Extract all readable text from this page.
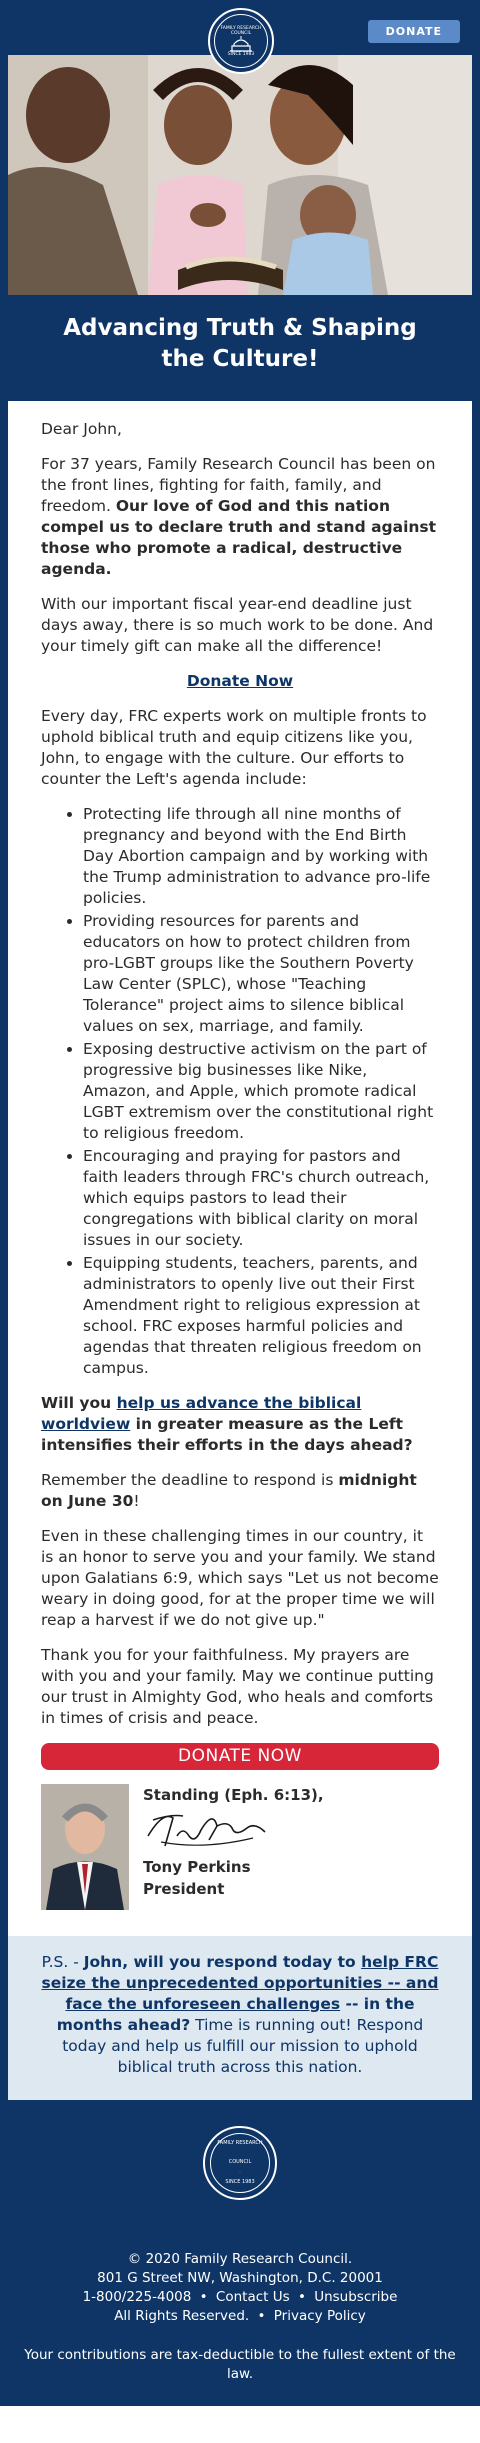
FAMILY RESEARCH COUNCIL
SINCE 1983
DONATE
Advancing Truth & Shaping the Culture!

Dear John,

For 37 years, Family Research Council has been on the front lines, fighting for faith, family, and freedom. Our love of God and this nation compel us to declare truth and stand against those who promote a radical, destructive agenda.

With our important fiscal year-end deadline just days away, there is so much work to be done. And your timely gift can make all the difference!

Donate Now

Every day, FRC experts work on multiple fronts to uphold biblical truth and equip citizens like you, John, to engage with the culture. Our efforts to counter the Left's agenda include:

• Protecting life through all nine months of pregnancy and beyond with the End Birth Day Abortion campaign and by working with the Trump administration to advance pro-life policies.
• Providing resources for parents and educators on how to protect children from pro-LGBT groups like the Southern Poverty Law Center (SPLC), whose "Teaching Tolerance" project aims to silence biblical values on sex, marriage, and family.
• Exposing destructive activism on the part of progressive big businesses like Nike, Amazon, and Apple, which promote radical LGBT extremism over the constitutional right to religious freedom.
• Encouraging and praying for pastors and faith leaders through FRC's church outreach, which equips pastors to lead their congregations with biblical clarity on moral issues in our society.
• Equipping students, teachers, parents, and administrators to openly live out their First Amendment right to religious expression at school. FRC exposes harmful policies and agendas that threaten religious freedom on campus.

Will you help us advance the biblical worldview in greater measure as the Left intensifies their efforts in the days ahead?

Remember the deadline to respond is midnight on June 30!

Even in these challenging times in our country, it is an honor to serve you and your family. We stand upon Galatians 6:9, which says "Let us not become weary in doing good, for at the proper time we will reap a harvest if we do not give up."

Thank you for your faithfulness. My prayers are with you and your family. May we continue putting our trust in Almighty God, who heals and comforts in times of crisis and peace.

DONATE NOW
Standing (Eph. 6:13),
Tony Perkins
President
P.S. - John, will you respond today to help FRC seize the unprecedented opportunities -- and face the unforeseen challenges -- in the months ahead? Time is running out! Respond today and help us fulfill our mission to uphold biblical truth across this nation.
FAMILY RESEARCH COUNCIL
SINCE 1983
© 2020 Family Research Council.
801 G Street NW, Washington, D.C. 20001
1-800/225-4008 • Contact Us • Unsubscribe
All Rights Reserved. • Privacy Policy
Your contributions are tax-deductible to the fullest extent of the law.
